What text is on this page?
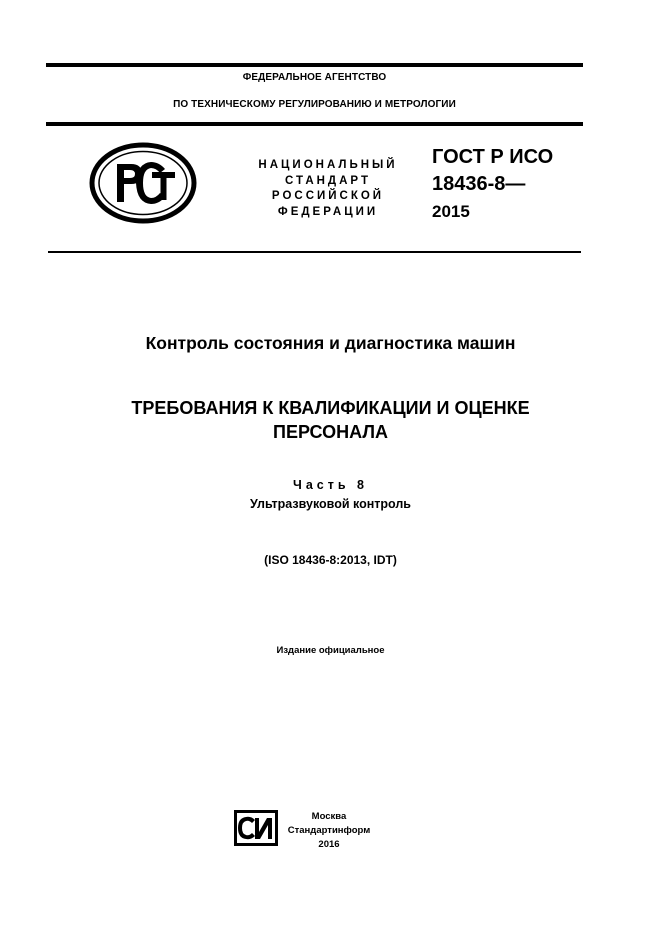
ФЕДЕРАЛЬНОЕ АГЕНТСТВО
ПО ТЕХНИЧЕСКОМУ РЕГУЛИРОВАНИЮ И МЕТРОЛОГИИ
НАЦИОНАЛЬНЫЙ
СТАНДАРТ
РОССИЙСКОЙ
ФЕДЕРАЦИИ
ГОСТ Р ИСО
18436-8—
2015
Контроль состояния и диагностика машин
ТРЕБОВАНИЯ К КВАЛИФИКАЦИИ И ОЦЕНКЕ
ПЕРСОНАЛА
Часть 8
Ультразвуковой контроль
(ISO 18436-8:2013, IDT)
Издание официальное
Москва
Стандартинформ
2016
